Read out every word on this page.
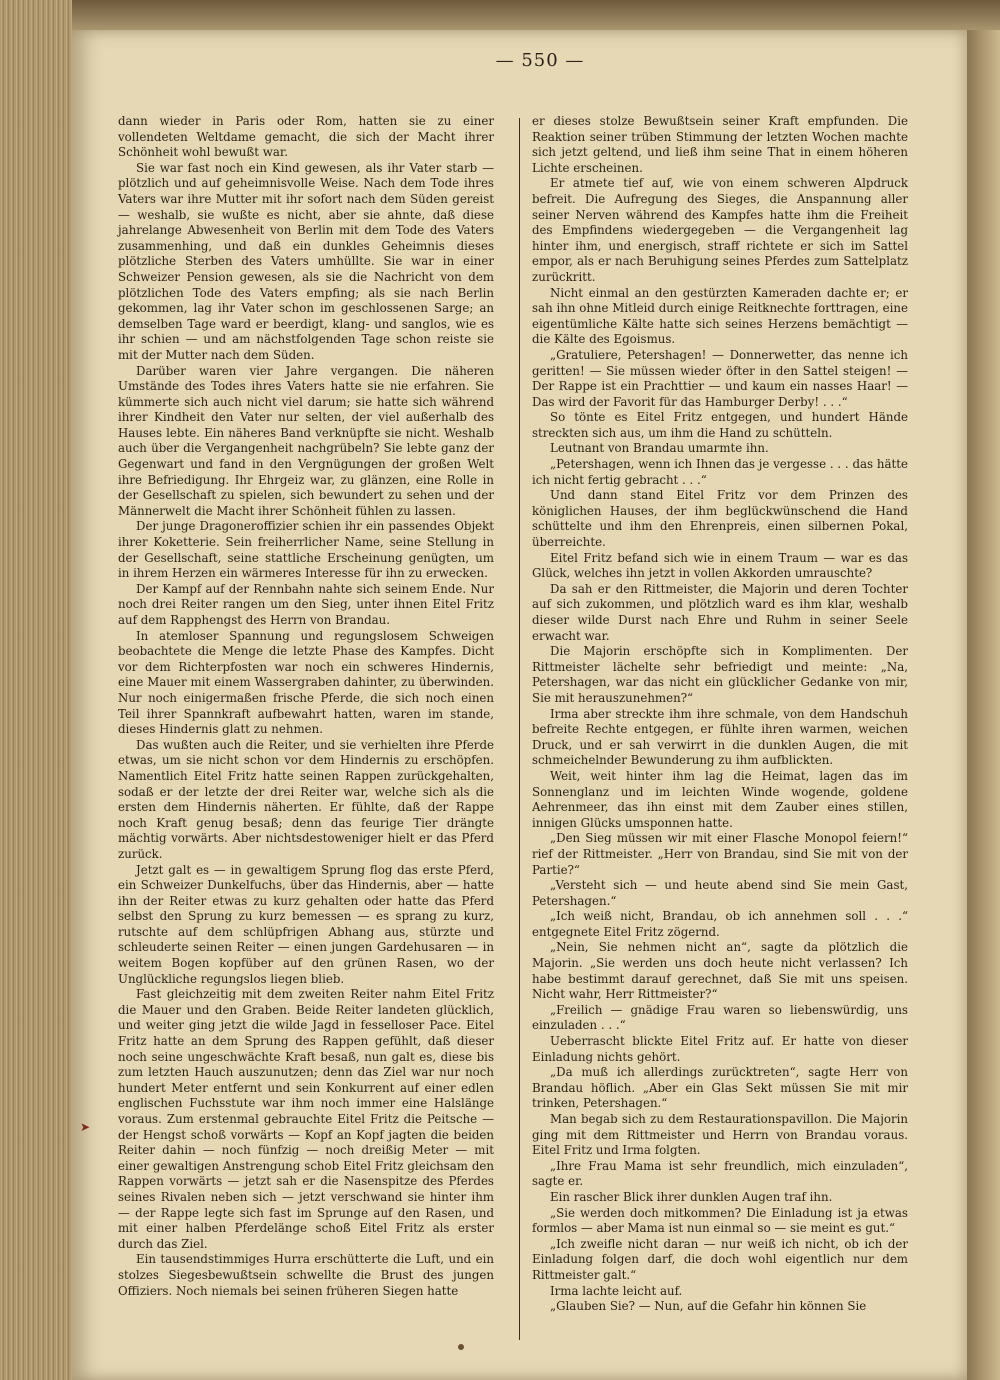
— 550 —

dann wieder in Paris oder Rom, hatten sie zu einer vollendeten Weltdame gemacht, die sich der Macht ihrer Schönheit wohl bewußt war.

Sie war fast noch ein Kind gewesen, als ihr Vater starb — plötzlich und auf geheimnisvolle Weise. Nach dem Tode ihres Vaters war ihre Mutter mit ihr sofort nach dem Süden gereist — weshalb, sie wußte es nicht, aber sie ahnte, daß diese jahrelange Abwesenheit von Berlin mit dem Tode des Vaters zusammenhing, und daß ein dunkles Geheimnis dieses plötzliche Sterben des Vaters umhüllte. Sie war in einer Schweizer Pension gewesen, als sie die Nachricht von dem plötzlichen Tode des Vaters empfing; als sie nach Berlin gekommen, lag ihr Vater schon im geschlossenen Sarge; an demselben Tage ward er beerdigt, klang- und sanglos, wie es ihr schien — und am nächstfolgenden Tage schon reiste sie mit der Mutter nach dem Süden.

Darüber waren vier Jahre vergangen. Die näheren Umstände des Todes ihres Vaters hatte sie nie erfahren. Sie kümmerte sich auch nicht viel darum; sie hatte sich während ihrer Kindheit den Vater nur selten, der viel außerhalb des Hauses lebte. Ein näheres Band verknüpfte sie nicht. Weshalb auch über die Vergangenheit nachgrübeln? Sie lebte ganz der Gegenwart und fand in den Vergnügungen der großen Welt ihre Befriedigung. Ihr Ehrgeiz war, zu glänzen, eine Rolle in der Gesellschaft zu spielen, sich bewundert zu sehen und der Männerwelt die Macht ihrer Schönheit fühlen zu lassen.

Der junge Dragoneroffizier schien ihr ein passendes Objekt ihrer Koketterie. Sein freiherrlicher Name, seine Stellung in der Gesellschaft, seine stattliche Erscheinung genügten, um in ihrem Herzen ein wärmeres Interesse für ihn zu erwecken.

Der Kampf auf der Rennbahn nahte sich seinem Ende. Nur noch drei Reiter rangen um den Sieg, unter ihnen Eitel Fritz auf dem Rapphengst des Herrn von Brandau.

In atemloser Spannung und regungslosem Schweigen beobachtete die Menge die letzte Phase des Kampfes. Dicht vor dem Richterpfosten war noch ein schweres Hindernis, eine Mauer mit einem Wassergraben dahinter, zu überwinden. Nur noch einigermaßen frische Pferde, die sich noch einen Teil ihrer Spannkraft aufbewahrt hatten, waren im stande, dieses Hindernis glatt zu nehmen.

Das wußten auch die Reiter, und sie verhielten ihre Pferde etwas, um sie nicht schon vor dem Hindernis zu erschöpfen. Namentlich Eitel Fritz hatte seinen Rappen zurückgehalten, sodaß er der letzte der drei Reiter war, welche sich als die ersten dem Hindernis näherten. Er fühlte, daß der Rappe noch Kraft genug besaß; denn das feurige Tier drängte mächtig vorwärts. Aber nichtsdestoweniger hielt er das Pferd zurück.

Jetzt galt es — in gewaltigem Sprung flog das erste Pferd, ein Schweizer Dunkelfuchs, über das Hindernis, aber — hatte ihn der Reiter etwas zu kurz gehalten oder hatte das Pferd selbst den Sprung zu kurz bemessen — es sprang zu kurz, rutschte auf dem schlüpfrigen Abhang aus, stürzte und schleuderte seinen Reiter — einen jungen Gardehusaren — in weitem Bogen kopfüber auf den grünen Rasen, wo der Unglückliche regungslos liegen blieb.

Fast gleichzeitig mit dem zweiten Reiter nahm Eitel Fritz die Mauer und den Graben. Beide Reiter landeten glücklich, und weiter ging jetzt die wilde Jagd in fesselloser Pace. Eitel Fritz hatte an dem Sprung des Rappen gefühlt, daß dieser noch seine ungeschwächte Kraft besaß, nun galt es, diese bis zum letzten Hauch auszunutzen; denn das Ziel war nur noch hundert Meter entfernt und sein Konkurrent auf einer edlen englischen Fuchsstute war ihm noch immer eine Halslänge voraus. Zum erstenmal gebrauchte Eitel Fritz die Peitsche — der Hengst schoß vorwärts — Kopf an Kopf jagten die beiden Reiter dahin — noch fünfzig — noch dreißig Meter — mit einer gewaltigen Anstrengung schob Eitel Fritz gleichsam den Rappen vorwärts — jetzt sah er die Nasenspitze des Pferdes seines Rivalen neben sich — jetzt verschwand sie hinter ihm — der Rappe legte sich fast im Sprunge auf den Rasen, und mit einer halben Pferdelänge schoß Eitel Fritz als erster durch das Ziel.

Ein tausendstimmiges Hurra erschütterte die Luft, und ein stolzes Siegesbewußtsein schwellte die Brust des jungen Offiziers. Noch niemals bei seinen früheren Siegen hatte

er dieses stolze Bewußtsein seiner Kraft empfunden. Die Reaktion seiner trüben Stimmung der letzten Wochen machte sich jetzt geltend, und ließ ihm seine That in einem höheren Lichte erscheinen.

Er atmete tief auf, wie von einem schweren Alpdruck befreit. Die Aufregung des Sieges, die Anspannung aller seiner Nerven während des Kampfes hatte ihm die Freiheit des Empfindens wiedergegeben — die Vergangenheit lag hinter ihm, und energisch, straff richtete er sich im Sattel empor, als er nach Beruhigung seines Pferdes zum Sattelplatz zurückritt.

Nicht einmal an den gestürzten Kameraden dachte er; er sah ihn ohne Mitleid durch einige Reitknechte forttragen, eine eigentümliche Kälte hatte sich seines Herzens bemächtigt — die Kälte des Egoismus.

„Gratuliere, Petershagen! — Donnerwetter, das nenne ich geritten! — Sie müssen wieder öfter in den Sattel steigen! — Der Rappe ist ein Prachttier — und kaum ein nasses Haar! — Das wird der Favorit für das Hamburger Derby! . . .“

So tönte es Eitel Fritz entgegen, und hundert Hände streckten sich aus, um ihm die Hand zu schütteln.

Leutnant von Brandau umarmte ihn.

„Petershagen, wenn ich Ihnen das je vergesse . . . das hätte ich nicht fertig gebracht . . .“

Und dann stand Eitel Fritz vor dem Prinzen des königlichen Hauses, der ihm beglückwünschend die Hand schüttelte und ihm den Ehrenpreis, einen silbernen Pokal, überreichte.

Eitel Fritz befand sich wie in einem Traum — war es das Glück, welches ihn jetzt in vollen Akkorden umrauschte?

Da sah er den Rittmeister, die Majorin und deren Tochter auf sich zukommen, und plötzlich ward es ihm klar, weshalb dieser wilde Durst nach Ehre und Ruhm in seiner Seele erwacht war.

Die Majorin erschöpfte sich in Komplimenten. Der Rittmeister lächelte sehr befriedigt und meinte: „Na, Petershagen, war das nicht ein glücklicher Gedanke von mir, Sie mit herauszunehmen?“

Irma aber streckte ihm ihre schmale, von dem Handschuh befreite Rechte entgegen, er fühlte ihren warmen, weichen Druck, und er sah verwirrt in die dunklen Augen, die mit schmeichelnder Bewunderung zu ihm aufblickten.

Weit, weit hinter ihm lag die Heimat, lagen das im Sonnenglanz und im leichten Winde wogende, goldene Aehrenmeer, das ihn einst mit dem Zauber eines stillen, innigen Glücks umsponnen hatte.

„Den Sieg müssen wir mit einer Flasche Monopol feiern!“ rief der Rittmeister. „Herr von Brandau, sind Sie mit von der Partie?“

„Versteht sich — und heute abend sind Sie mein Gast, Petershagen.“

„Ich weiß nicht, Brandau, ob ich annehmen soll . . .“ entgegnete Eitel Fritz zögernd.

„Nein, Sie nehmen nicht an“, sagte da plötzlich die Majorin. „Sie werden uns doch heute nicht verlassen? Ich habe bestimmt darauf gerechnet, daß Sie mit uns speisen. Nicht wahr, Herr Rittmeister?“

„Freilich — gnädige Frau waren so liebenswürdig, uns einzuladen . . .“

Ueberrascht blickte Eitel Fritz auf. Er hatte von dieser Einladung nichts gehört.

„Da muß ich allerdings zurücktreten“, sagte Herr von Brandau höflich. „Aber ein Glas Sekt müssen Sie mit mir trinken, Petershagen.“

Man begab sich zu dem Restaurationspavillon. Die Majorin ging mit dem Rittmeister und Herrn von Brandau voraus. Eitel Fritz und Irma folgten.

„Ihre Frau Mama ist sehr freundlich, mich einzuladen“, sagte er.

Ein rascher Blick ihrer dunklen Augen traf ihn.

„Sie werden doch mitkommen? Die Einladung ist ja etwas formlos — aber Mama ist nun einmal so — sie meint es gut.“

„Ich zweifle nicht daran — nur weiß ich nicht, ob ich der Einladung folgen darf, die doch wohl eigentlich nur dem Rittmeister galt.“

Irma lachte leicht auf.

„Glauben Sie? — Nun, auf die Gefahr hin können Sie

➤
